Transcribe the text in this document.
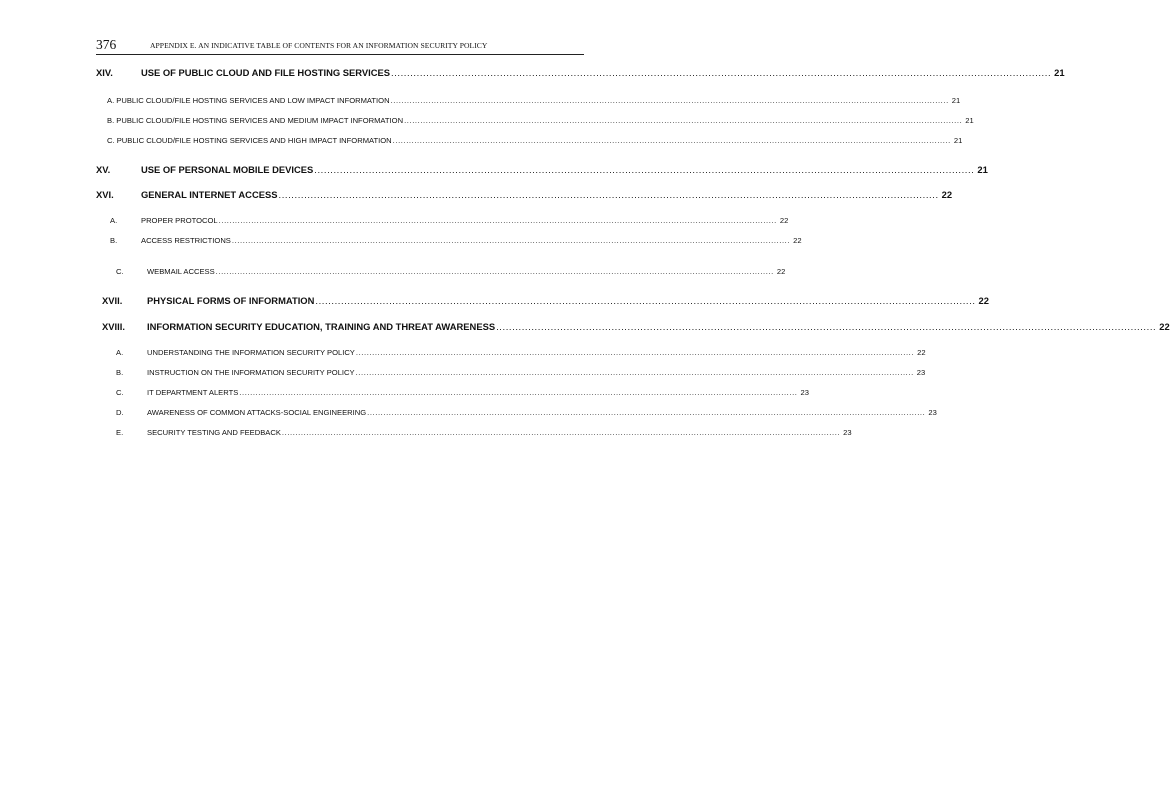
376	APPENDIX E. AN INDICATIVE TABLE OF CONTENTS FOR AN INFORMATION SECURITY POLICY
XIV.	USE OF PUBLIC CLOUD AND FILE HOSTING SERVICES .............................................................................................................................................................................................................. 21
A. PUBLIC CLOUD/FILE HOSTING SERVICES AND LOW IMPACT INFORMATION .............................................................................................................................................................................................................. 21
B. PUBLIC CLOUD/FILE HOSTING SERVICES AND MEDIUM IMPACT INFORMATION .............................................................................................................................................................................................................. 21
C. PUBLIC CLOUD/FILE HOSTING SERVICES AND HIGH IMPACT INFORMATION .............................................................................................................................................................................................................. 21
XV.	USE OF PERSONAL MOBILE DEVICES .............................................................................................................................................................................................................. 21
XVI.	GENERAL INTERNET ACCESS .............................................................................................................................................................................................................. 22
A.	PROPER PROTOCOL .............................................................................................................................................................................................................. 22
B.	ACCESS RESTRICTIONS .............................................................................................................................................................................................................. 22
C.	WEBMAIL ACCESS .............................................................................................................................................................................................................. 22
XVII.	PHYSICAL FORMS OF INFORMATION .............................................................................................................................................................................................................. 22
XVIII.	INFORMATION SECURITY EDUCATION, TRAINING AND THREAT AWARENESS .............................................................................................................................................................................................................. 22
A.	UNDERSTANDING THE INFORMATION SECURITY POLICY .............................................................................................................................................................................................................. 22
B.	INSTRUCTION ON THE INFORMATION SECURITY POLICY .............................................................................................................................................................................................................. 23
C.	IT DEPARTMENT ALERTS .............................................................................................................................................................................................................. 23
D.	AWARENESS OF COMMON ATTACKS-SOCIAL ENGINEERING .............................................................................................................................................................................................................. 23
E.	SECURITY TESTING AND FEEDBACK .............................................................................................................................................................................................................. 23
